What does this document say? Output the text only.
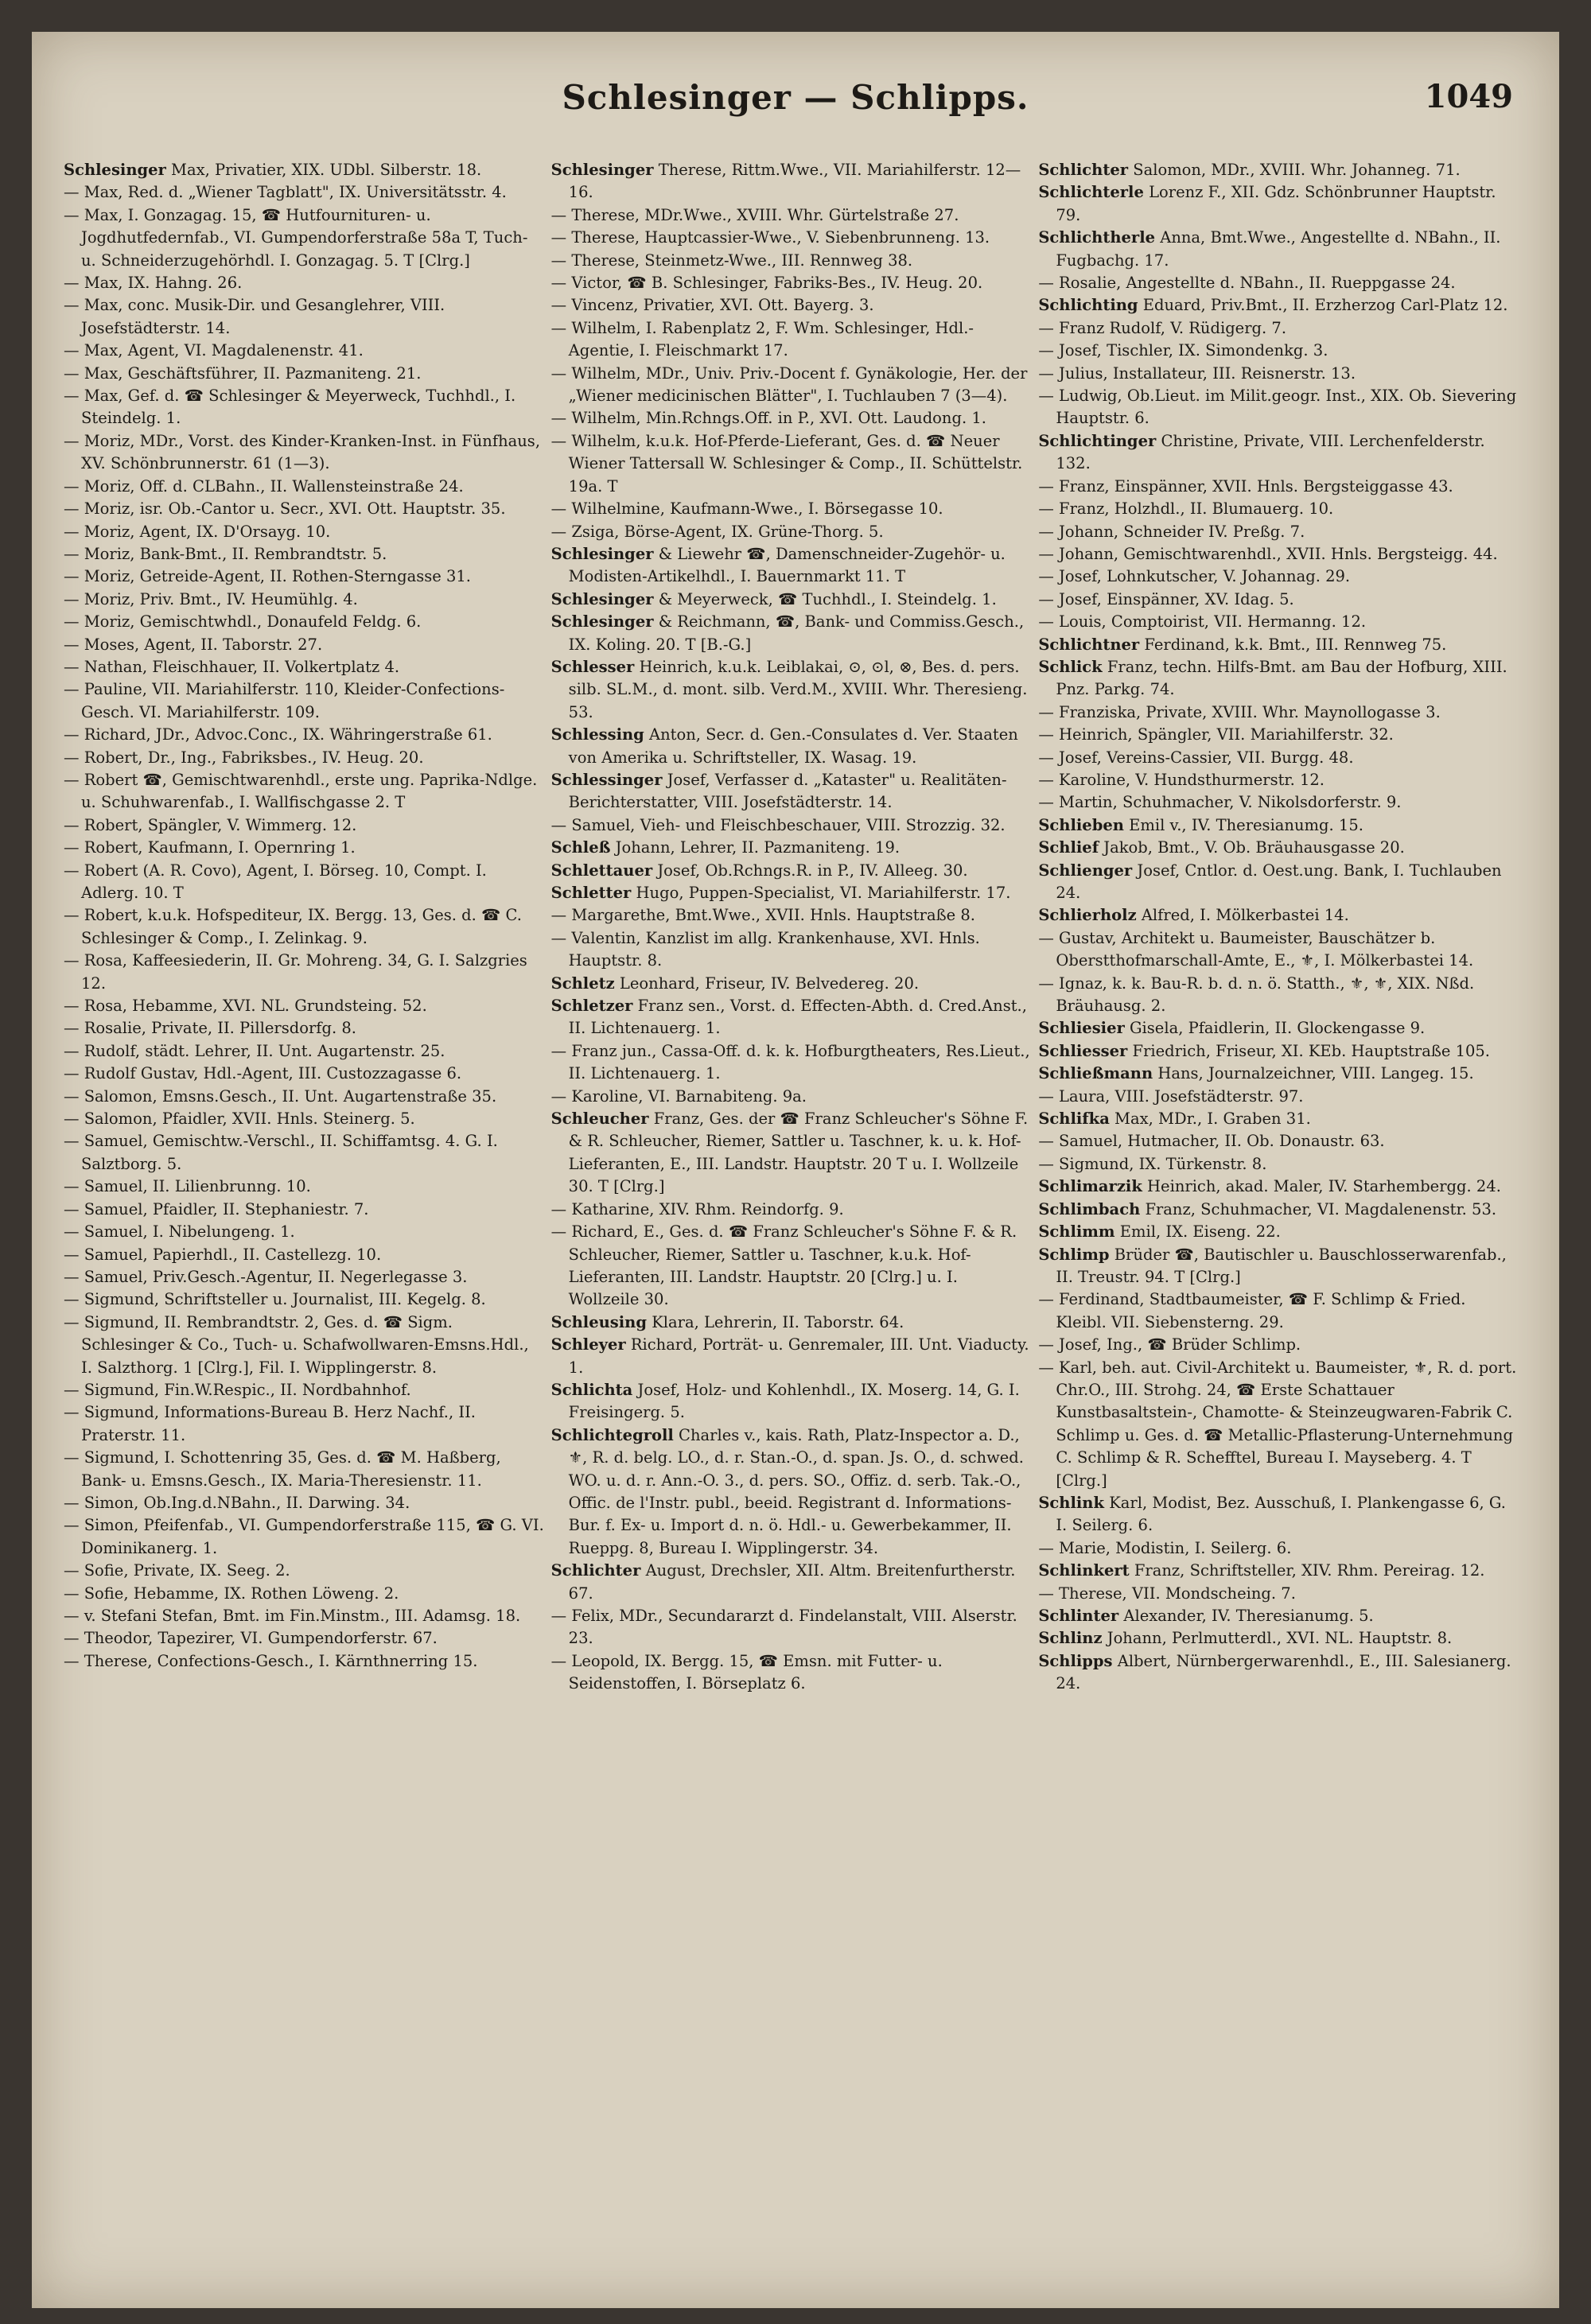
Schlesinger — Schlipps.	1049

Schlesinger Max, Privatier, XIX. UDbl. Silberstr. 18.

— Max, Red. d. „Wiener Tagblatt", IX. Universitätsstr. 4.

— Max, I. Gonzagag. 15, ☎ Hutfournituren- u. Jogdhutfedernfab., VI. Gumpendorferstraße 58a T, Tuch- u. Schneiderzugehörhdl. I. Gonzagag. 5. T [Clrg.]

— Max, IX. Hahng. 26.

— Max, conc. Musik-Dir. und Gesanglehrer, VIII. Josefstädterstr. 14.

— Max, Agent, VI. Magdalenenstr. 41.

— Max, Geschäftsführer, II. Pazmaniteng. 21.

— Max, Gef. d. ☎ Schlesinger & Meyerweck, Tuchhdl., I. Steindelg. 1.

— Moriz, MDr., Vorst. des Kinder-Kranken-Inst. in Fünfhaus, XV. Schönbrunnerstr. 61 (1—3).

— Moriz, Off. d. CLBahn., II. Wallensteinstraße 24.

— Moriz, isr. Ob.-Cantor u. Secr., XVI. Ott. Hauptstr. 35.

— Moriz, Agent, IX. D'Orsayg. 10.

— Moriz, Bank-Bmt., II. Rembrandtstr. 5.

— Moriz, Getreide-Agent, II. Rothen-Sterngasse 31.

— Moriz, Priv. Bmt., IV. Heumühlg. 4.

— Moriz, Gemischtwhdl., Donaufeld Feldg. 6.

— Moses, Agent, II. Taborstr. 27.

— Nathan, Fleischhauer, II. Volkertplatz 4.

— Pauline, VII. Mariahilferstr. 110, Kleider-Confections-Gesch. VI. Mariahilferstr. 109.

— Richard, JDr., Advoc.Conc., IX. Währingerstraße 61.

— Robert, Dr., Ing., Fabriksbes., IV. Heug. 20.

— Robert ☎, Gemischtwarenhdl., erste ung. Paprika-Ndlge. u. Schuhwarenfab., I. Wallfischgasse 2. T

— Robert, Spängler, V. Wimmerg. 12.

— Robert, Kaufmann, I. Opernring 1.

— Robert (A. R. Covo), Agent, I. Börseg. 10, Compt. I. Adlerg. 10. T

— Robert, k.u.k. Hofspediteur, IX. Bergg. 13, Ges. d. ☎ C. Schlesinger & Comp., I. Zelinkag. 9.

— Rosa, Kaffeesiederin, II. Gr. Mohreng. 34, G. I. Salzgries 12.

— Rosa, Hebamme, XVI. NL. Grundsteing. 52.

— Rosalie, Private, II. Pillersdorfg. 8.

— Rudolf, städt. Lehrer, II. Unt. Augartenstr. 25.

— Rudolf Gustav, Hdl.-Agent, III. Custozzagasse 6.

— Salomon, Emsns.Gesch., II. Unt. Augartenstraße 35.

— Salomon, Pfaidler, XVII. Hnls. Steinerg. 5.

— Samuel, Gemischtw.-Verschl., II. Schiffamtsg. 4. G. I. Salztborg. 5.

— Samuel, II. Lilienbrunng. 10.

— Samuel, Pfaidler, II. Stephaniestr. 7.

— Samuel, I. Nibelungeng. 1.

— Samuel, Papierhdl., II. Castellezg. 10.

— Samuel, Priv.Gesch.-Agentur, II. Negerlegasse 3.

— Sigmund, Schriftsteller u. Journalist, III. Kegelg. 8.

— Sigmund, II. Rembrandtstr. 2, Ges. d. ☎ Sigm. Schlesinger & Co., Tuch- u. Schafwollwaren-Emsns.Hdl., I. Salzthorg. 1 [Clrg.], Fil. I. Wipplingerstr. 8.

— Sigmund, Fin.W.Respic., II. Nordbahnhof.

— Sigmund, Informations-Bureau B. Herz Nachf., II. Praterstr. 11.

— Sigmund, I. Schottenring 35, Ges. d. ☎ M. Haßberg, Bank- u. Emsns.Gesch., IX. Maria-Theresienstr. 11.

— Simon, Ob.Ing.d.NBahn., II. Darwing. 34.

— Simon, Pfeifenfab., VI. Gumpendorferstraße 115, ☎ G. VI. Dominikanerg. 1.

— Sofie, Private, IX. Seeg. 2.

— Sofie, Hebamme, IX. Rothen Löweng. 2.

— v. Stefani Stefan, Bmt. im Fin.Minstm., III. Adamsg. 18.

— Theodor, Tapezirer, VI. Gumpendorferstr. 67.

— Therese, Confections-Gesch., I. Kärnthnerring 15.

Schlesinger Therese, Rittm.Wwe., VII. Mariahilferstr. 12—16.

— Therese, MDr.Wwe., XVIII. Whr. Gürtelstraße 27.

— Therese, Hauptcassier-Wwe., V. Siebenbrunneng. 13.

— Therese, Steinmetz-Wwe., III. Rennweg 38.

— Victor, ☎ B. Schlesinger, Fabriks-Bes., IV. Heug. 20.

— Vincenz, Privatier, XVI. Ott. Bayerg. 3.

— Wilhelm, I. Rabenplatz 2, F. Wm. Schlesinger, Hdl.-Agentie, I. Fleischmarkt 17.

— Wilhelm, MDr., Univ. Priv.-Docent f. Gynäkologie, Her. der „Wiener medicinischen Blätter", I. Tuchlauben 7 (3—4).

— Wilhelm, Min.Rchngs.Off. in P., XVI. Ott. Laudong. 1.

— Wilhelm, k.u.k. Hof-Pferde-Lieferant, Ges. d. ☎ Neuer Wiener Tattersall W. Schlesinger & Comp., II. Schüttelstr. 19a. T

— Wilhelmine, Kaufmann-Wwe., I. Börsegasse 10.

— Zsiga, Börse-Agent, IX. Grüne-Thorg. 5.

Schlesinger & Liewehr ☎, Damenschneider-Zugehör- u. Modisten-Artikelhdl., I. Bauernmarkt 11. T

Schlesinger & Meyerweck, ☎ Tuchhdl., I. Steindelg. 1.

Schlesinger & Reichmann, ☎, Bank- und Commiss.Gesch., IX. Koling. 20. T [B.-G.]

Schlesser Heinrich, k.u.k. Leiblakai, ⊙, ⊙l, ⊗, Bes. d. pers. silb. SL.M., d. mont. silb. Verd.M., XVIII. Whr. Theresieng. 53.

Schlessing Anton, Secr. d. Gen.-Consulates d. Ver. Staaten von Amerika u. Schriftsteller, IX. Wasag. 19.

Schlessinger Josef, Verfasser d. „Kataster" u. Realitäten-Berichterstatter, VIII. Josefstädterstr. 14.

— Samuel, Vieh- und Fleischbeschauer, VIII. Strozzig. 32.

Schleß Johann, Lehrer, II. Pazmaniteng. 19.

Schlettauer Josef, Ob.Rchngs.R. in P., IV. Alleeg. 30.

Schletter Hugo, Puppen-Specialist, VI. Mariahilferstr. 17.

— Margarethe, Bmt.Wwe., XVII. Hnls. Hauptstraße 8.

— Valentin, Kanzlist im allg. Krankenhause, XVI. Hnls. Hauptstr. 8.

Schletz Leonhard, Friseur, IV. Belvedereg. 20.

Schletzer Franz sen., Vorst. d. Effecten-Abth. d. Cred.Anst., II. Lichtenauerg. 1.

— Franz jun., Cassa-Off. d. k. k. Hofburgtheaters, Res.Lieut., II. Lichtenauerg. 1.

— Karoline, VI. Barnabiteng. 9a.

Schleucher Franz, Ges. der ☎ Franz Schleucher's Söhne F. & R. Schleucher, Riemer, Sattler u. Taschner, k. u. k. Hof-Lieferanten, E., III. Landstr. Hauptstr. 20 T u. I. Wollzeile 30. T [Clrg.]

— Katharine, XIV. Rhm. Reindorfg. 9.

— Richard, E., Ges. d. ☎ Franz Schleucher's Söhne F. & R. Schleucher, Riemer, Sattler u. Taschner, k.u.k. Hof-Lieferanten, III. Landstr. Hauptstr. 20 [Clrg.] u. I. Wollzeile 30.

Schleusing Klara, Lehrerin, II. Taborstr. 64.

Schleyer Richard, Porträt- u. Genremaler, III. Unt. Viaducty. 1.

Schlichta Josef, Holz- und Kohlenhdl., IX. Moserg. 14, G. I. Freisingerg. 5.

Schlichtegroll Charles v., kais. Rath, Platz-Inspector a. D., ⚜, R. d. belg. LO., d. r. Stan.-O., d. span. Js. O., d. schwed. WO. u. d. r. Ann.-O. 3., d. pers. SO., Offiz. d. serb. Tak.-O., Offic. de l'Instr. publ., beeid. Registrant d. Informations-Bur. f. Ex- u. Import d. n. ö. Hdl.- u. Gewerbekammer, II. Rueppg. 8, Bureau I. Wipplingerstr. 34.

Schlichter August, Drechsler, XII. Altm. Breitenfurtherstr. 67.

— Felix, MDr., Secundararzt d. Findelanstalt, VIII. Alserstr. 23.

— Leopold, IX. Bergg. 15, ☎ Emsn. mit Futter- u. Seidenstoffen, I. Börseplatz 6.

Schlichter Salomon, MDr., XVIII. Whr. Johanneg. 71.

Schlichterle Lorenz F., XII. Gdz. Schönbrunner Hauptstr. 79.

Schlichtherle Anna, Bmt.Wwe., Angestellte d. NBahn., II. Fugbachg. 17.

— Rosalie, Angestellte d. NBahn., II. Rueppgasse 24.

Schlichting Eduard, Priv.Bmt., II. Erzherzog Carl-Platz 12.

— Franz Rudolf, V. Rüdigerg. 7.

— Josef, Tischler, IX. Simondenkg. 3.

— Julius, Installateur, III. Reisnerstr. 13.

— Ludwig, Ob.Lieut. im Milit.geogr. Inst., XIX. Ob. Sievering Hauptstr. 6.

Schlichtinger Christine, Private, VIII. Lerchenfelderstr. 132.

— Franz, Einspänner, XVII. Hnls. Bergsteiggasse 43.

— Franz, Holzhdl., II. Blumauerg. 10.

— Johann, Schneider IV. Preßg. 7.

— Johann, Gemischtwarenhdl., XVII. Hnls. Bergsteigg. 44.

— Josef, Lohnkutscher, V. Johannag. 29.

— Josef, Einspänner, XV. Idag. 5.

— Louis, Comptoirist, VII. Hermanng. 12.

Schlichtner Ferdinand, k.k. Bmt., III. Rennweg 75.

Schlick Franz, techn. Hilfs-Bmt. am Bau der Hofburg, XIII. Pnz. Parkg. 74.

— Franziska, Private, XVIII. Whr. Maynollogasse 3.

— Heinrich, Spängler, VII. Mariahilferstr. 32.

— Josef, Vereins-Cassier, VII. Burgg. 48.

— Karoline, V. Hundsthurmerstr. 12.

— Martin, Schuhmacher, V. Nikolsdorferstr. 9.

Schlieben Emil v., IV. Theresianumg. 15.

Schlief Jakob, Bmt., V. Ob. Bräuhausgasse 20.

Schlienger Josef, Cntlor. d. Oest.ung. Bank, I. Tuchlauben 24.

Schlierholz Alfred, I. Mölkerbastei 14.

— Gustav, Architekt u. Baumeister, Bauschätzer b. Oberstthofmarschall-Amte, E., ⚜, I. Mölkerbastei 14.

— Ignaz, k. k. Bau-R. b. d. n. ö. Statth., ⚜, ⚜, XIX. Nßd. Bräuhausg. 2.

Schliesier Gisela, Pfaidlerin, II. Glockengasse 9.

Schliesser Friedrich, Friseur, XI. KEb. Hauptstraße 105.

Schließmann Hans, Journalzeichner, VIII. Langeg. 15.

— Laura, VIII. Josefstädterstr. 97.

Schlifka Max, MDr., I. Graben 31.

— Samuel, Hutmacher, II. Ob. Donaustr. 63.

— Sigmund, IX. Türkenstr. 8.

Schlimarzik Heinrich, akad. Maler, IV. Starhembergg. 24.

Schlimbach Franz, Schuhmacher, VI. Magdalenenstr. 53.

Schlimm Emil, IX. Eiseng. 22.

Schlimp Brüder ☎, Bautischler u. Bauschlosserwarenfab., II. Treustr. 94. T [Clrg.]

— Ferdinand, Stadtbaumeister, ☎ F. Schlimp & Fried. Kleibl. VII. Siebensterng. 29.

— Josef, Ing., ☎ Brüder Schlimp.

— Karl, beh. aut. Civil-Architekt u. Baumeister, ⚜, R. d. port. Chr.O., III. Strohg. 24, ☎ Erste Schattauer Kunstbasaltstein-, Chamotte- & Steinzeugwaren-Fabrik C. Schlimp u. Ges. d. ☎ Metallic-Pflasterung-Unternehmung C. Schlimp & R. Schefftel, Bureau I. Mayseberg. 4. T [Clrg.]

Schlink Karl, Modist, Bez. Ausschuß, I. Plankengasse 6, G. I. Seilerg. 6.

— Marie, Modistin, I. Seilerg. 6.

Schlinkert Franz, Schriftsteller, XIV. Rhm. Pereirag. 12.

— Therese, VII. Mondscheing. 7.

Schlinter Alexander, IV. Theresianumg. 5.

Schlinz Johann, Perlmutterdl., XVI. NL. Hauptstr. 8.

Schlipps Albert, Nürnbergerwarenhdl., E., III. Salesianerg. 24.
